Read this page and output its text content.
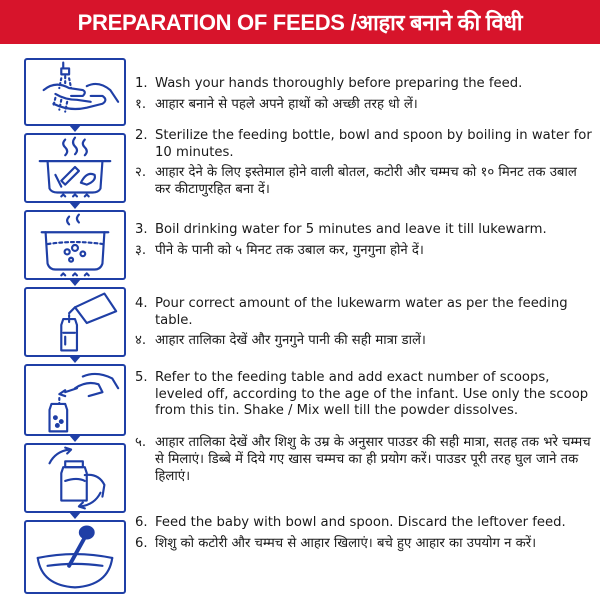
PREPARATION OF FEEDS /आहार बनाने की विधी
1. Wash your hands thoroughly before preparing the feed.
१. आहार बनाने से पहले अपने हाथों को अच्छी तरह धो लें।
2. Sterilize the feeding bottle, bowl and spoon by boiling in water for 10 minutes.
२. आहार देने के लिए इस्तेमाल होने वाली बोतल, कटोरी और चम्मच को १० मिनट तक उबाल कर कीटाणुरहित बना दें।
3. Boil drinking water for 5 minutes and leave it till lukewarm.
३. पीने के पानी को ५ मिनट तक उबाल कर, गुनगुना होने दें।
4. Pour correct amount of the lukewarm water as per the feeding table.
४. आहार तालिका देखें और गुनगुने पानी की सही मात्रा डालें।
5. Refer to the feeding table and add exact number of scoops, leveled off, according to the age of the infant. Use only the scoop from this tin. Shake / Mix well till the powder dissolves.
५. आहार तालिका देखें और शिशु के उम्र के अनुसार पाउडर की सही मात्रा, सतह तक भरे चम्मच से मिलाएं। डिब्बे में दिये गए खास चम्मच का ही प्रयोग करें। पाउडर पूरी तरह घुल जाने तक हिलाएं।
6. Feed the baby with bowl and spoon. Discard the leftover feed.
6. शिशु को कटोरी और चम्मच से आहार खिलाएं। बचे हुए आहार का उपयोग न करें।
